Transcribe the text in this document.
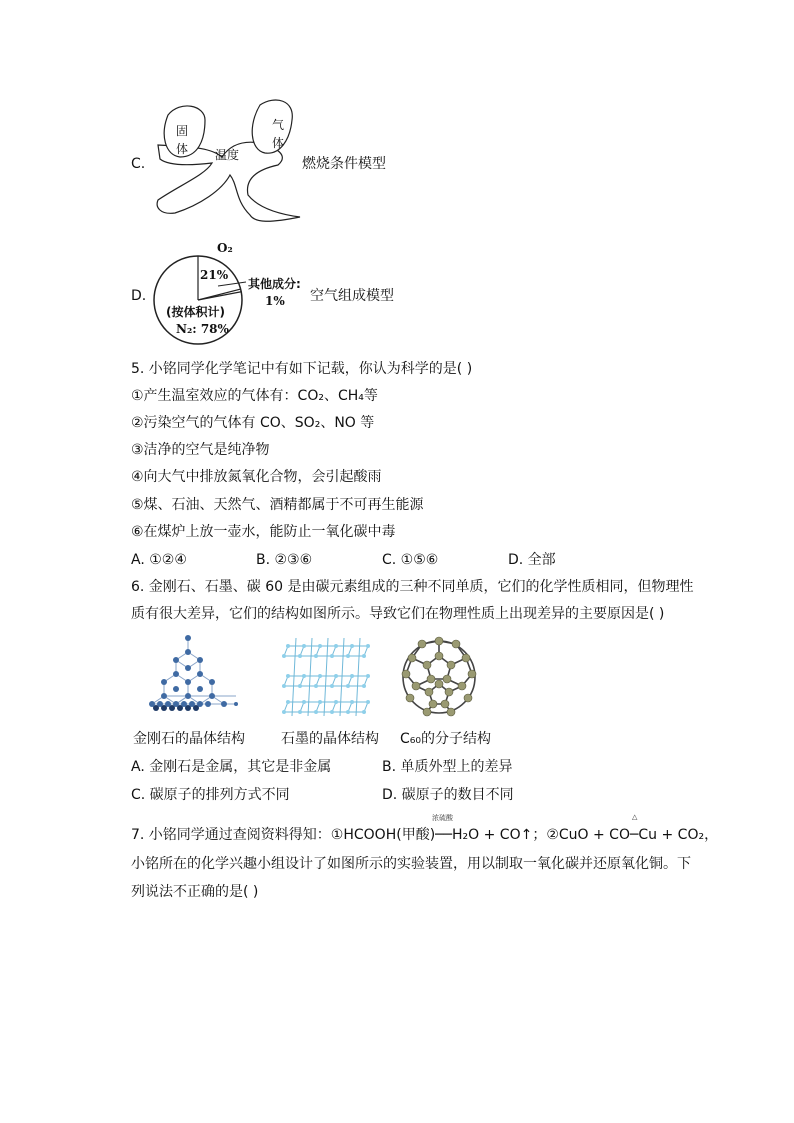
C.
固
体 温度
气
体
燃烧条件模型
D.
O₂
21%
其他成分:
1%
(按体积计)
N₂: 78%
空气组成模型
5. 小铭同学化学笔记中有如下记载，你认为科学的是( )
①产生温室效应的气体有：CO₂、CH₄等
②污染空气的气体有 CO、SO₂、NO 等
③洁净的空气是纯净物
④向大气中排放氮氧化合物，会引起酸雨
⑤煤、石油、天然气、酒精都属于不可再生能源
⑥在煤炉上放一壶水，能防止一氧化碳中毒
A. ①②④	B. ②③⑥	C. ①⑤⑥	D. 全部
6. 金刚石、石墨、碳 60 是由碳元素组成的三种不同单质，它们的化学性质相同，但物理性
质有很大差异，它们的结构如图所示。导致它们在物理性质上出现差异的主要原因是( )
金刚石的晶体结构	石墨的晶体结构 C₆₀的分子结构
A. 金刚石是金属，其它是非金属	B. 单质外型上的差异
C. 碳原子的排列方式不同	D. 碳原子的数目不同
浓硫酸	△
7. 小铭同学通过查阅资料得知：①HCOOH(甲酸)──H₂O + CO↑；②CuO + CO─Cu + CO₂，
小铭所在的化学兴趣小组设计了如图所示的实验装置，用以制取一氧化碳并还原氧化铜。下
列说法不正确的是( )
